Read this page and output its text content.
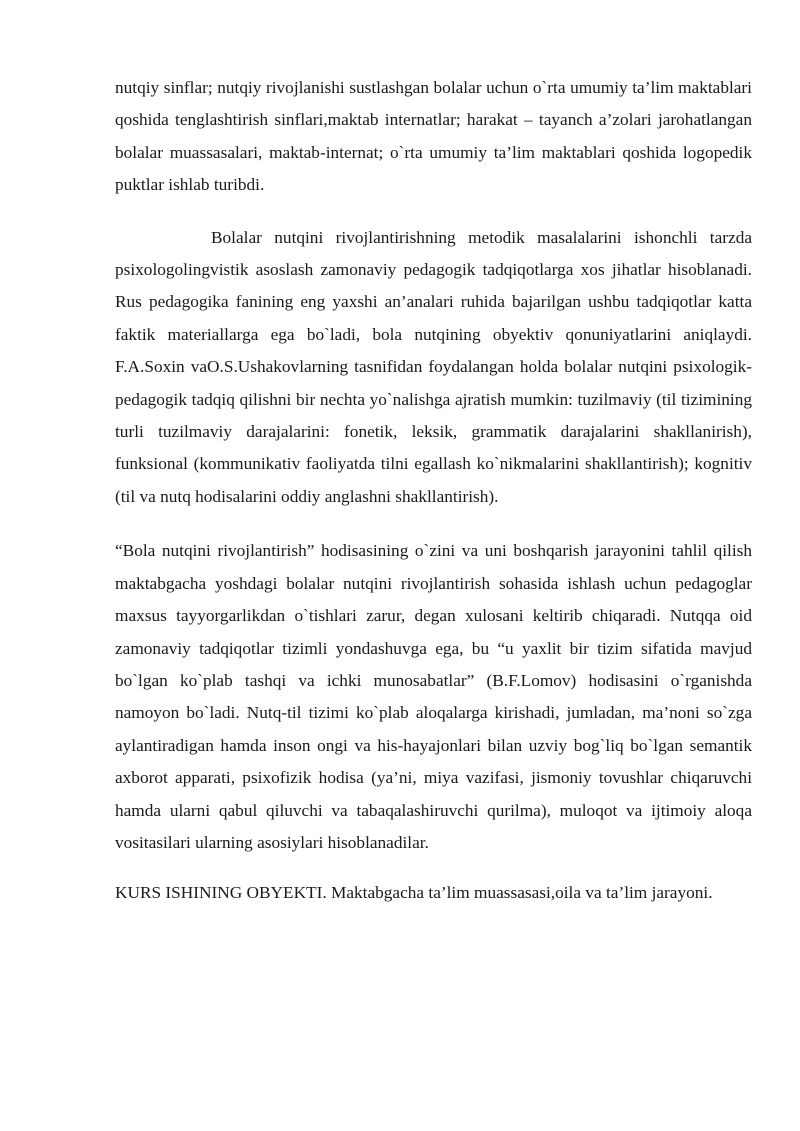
nutqiy sinflar; nutqiy rivojlanishi sustlashgan bolalar uchun o`rta umumiy ta’lim maktablari qoshida tenglashtirish sinflari,maktab internatlar; harakat – tayanch a’zolari jarohatlangan bolalar muassasalari, maktab-internat; o`rta umumiy ta’lim maktablari qoshida logopedik puktlar ishlab turibdi.

Bolalar nutqini rivojlantirishning metodik masalalarini ishonchli tarzda psixologolingvistik asoslash zamonaviy pedagogik tadqiqotlarga xos jihatlar hisoblanadi. Rus pedagogika fanining eng yaxshi an’analari ruhida bajarilgan ushbu tadqiqotlar katta faktik materiallarga ega bo`ladi, bola nutqining obyektiv qonuniyatlarini aniqlaydi. F.A.Soxin vaO.S.Ushakovlarning tasnifidan foydalangan holda bolalar nutqini psixologik-pedagogik tadqiq qilishni bir nechta yo`nalishga ajratish mumkin: tuzilmaviy (til tizimining turli tuzilmaviy darajalarini: fonetik, leksik, grammatik darajalarini shakllanirish), funksional (kommunikativ faoliyatda tilni egallash ko`nikmalarini shakllantirish); kognitiv (til va nutq hodisalarini oddiy anglashni shakllantirish).

“Bola nutqini rivojlantirish” hodisasining o`zini va uni boshqarish jarayonini tahlil qilish maktabgacha yoshdagi bolalar nutqini rivojlantirish sohasida ishlash uchun pedagoglar maxsus tayyorgarlikdan o`tishlari zarur, degan xulosani keltirib chiqaradi. Nutqqa oid zamonaviy tadqiqotlar tizimli yondashuvga ega, bu “u yaxlit bir tizim sifatida mavjud bo`lgan ko`plab tashqi va ichki munosabatlar” (B.F.Lomov) hodisasini o`rganishda namoyon bo`ladi. Nutq-til tizimi ko`plab aloqalarga kirishadi, jumladan, ma’noni so`zga aylantiradigan hamda inson ongi va his-hayajonlari bilan uzviy bog`liq bo`lgan semantik axborot apparati, psixofizik hodisa (ya’ni, miya vazifasi, jismoniy tovushlar chiqaruvchi hamda ularni qabul qiluvchi va tabaqalashiruvchi qurilma), muloqot va ijtimoiy aloqa vositasilari ularning asosiylari hisoblanadilar.

KURS ISHINING OBYEKTI. Maktabgacha ta’lim muassasasi,oila va ta’lim jarayoni.
